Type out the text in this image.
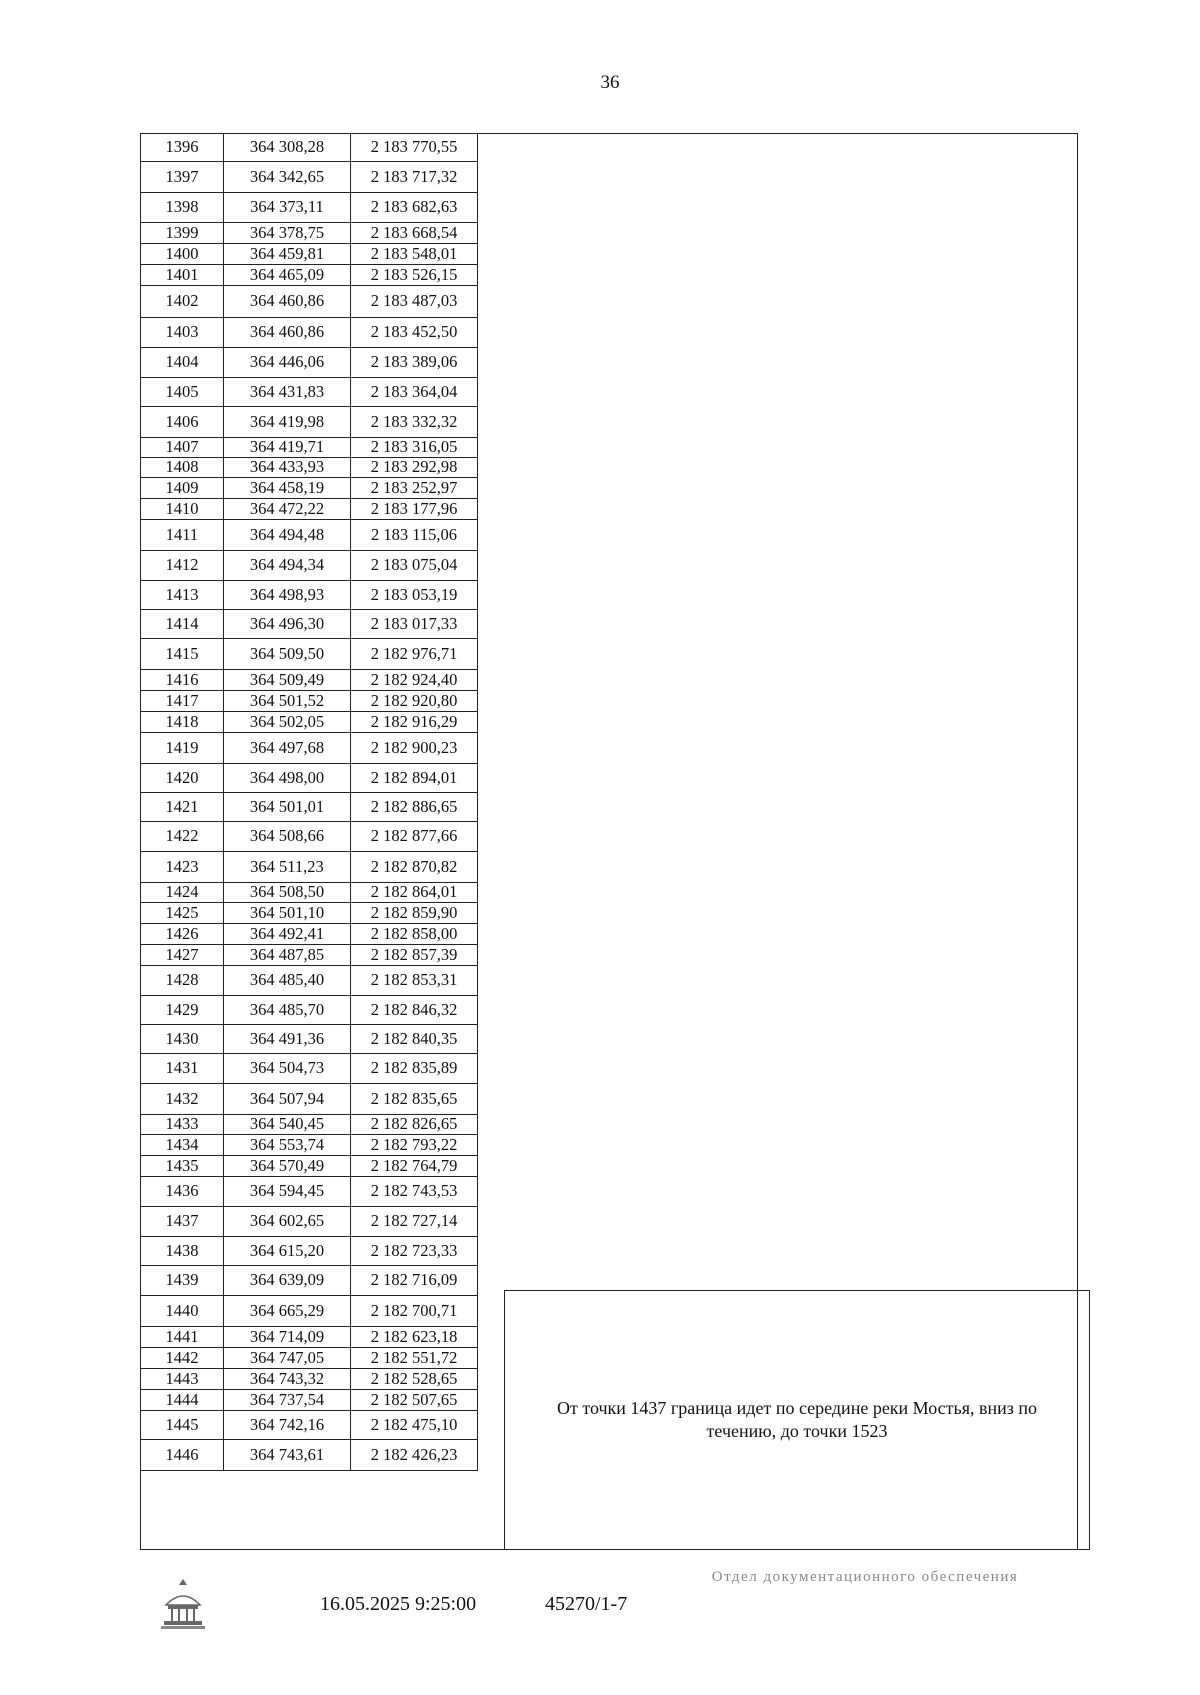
36
1396	364 308,28	2 183 770,55
1397	364 342,65	2 183 717,32
1398	364 373,11	2 183 682,63
1399	364 378,75	2 183 668,54
1400	364 459,81	2 183 548,01
1401	364 465,09	2 183 526,15
1402	364 460,86	2 183 487,03
1403	364 460,86	2 183 452,50
1404	364 446,06	2 183 389,06
1405	364 431,83	2 183 364,04
1406	364 419,98	2 183 332,32
1407	364 419,71	2 183 316,05
1408	364 433,93	2 183 292,98
1409	364 458,19	2 183 252,97
1410	364 472,22	2 183 177,96
1411	364 494,48	2 183 115,06
1412	364 494,34	2 183 075,04
1413	364 498,93	2 183 053,19
1414	364 496,30	2 183 017,33
1415	364 509,50	2 182 976,71
1416	364 509,49	2 182 924,40
1417	364 501,52	2 182 920,80
1418	364 502,05	2 182 916,29
1419	364 497,68	2 182 900,23
1420	364 498,00	2 182 894,01
1421	364 501,01	2 182 886,65
1422	364 508,66	2 182 877,66
1423	364 511,23	2 182 870,82
1424	364 508,50	2 182 864,01
1425	364 501,10	2 182 859,90
1426	364 492,41	2 182 858,00
1427	364 487,85	2 182 857,39
1428	364 485,40	2 182 853,31
1429	364 485,70	2 182 846,32
1430	364 491,36	2 182 840,35
1431	364 504,73	2 182 835,89
1432	364 507,94	2 182 835,65
1433	364 540,45	2 182 826,65
1434	364 553,74	2 182 793,22
1435	364 570,49	2 182 764,79
1436	364 594,45	2 182 743,53
1437	364 602,65	2 182 727,14
1438	364 615,20	2 182 723,33
1439	364 639,09	2 182 716,09
1440	364 665,29	2 182 700,71
1441	364 714,09	2 182 623,18
1442	364 747,05	2 182 551,72
1443	364 743,32	2 182 528,65
1444	364 737,54	2 182 507,65
1445	364 742,16	2 182 475,10
1446	364 743,61	2 182 426,23
От точки 1437 граница идет по середине реки Мостья, вниз по течению, до точки 1523
16.05.2025 9:25:00	45270/1-7
Отдел документационного обеспечения
